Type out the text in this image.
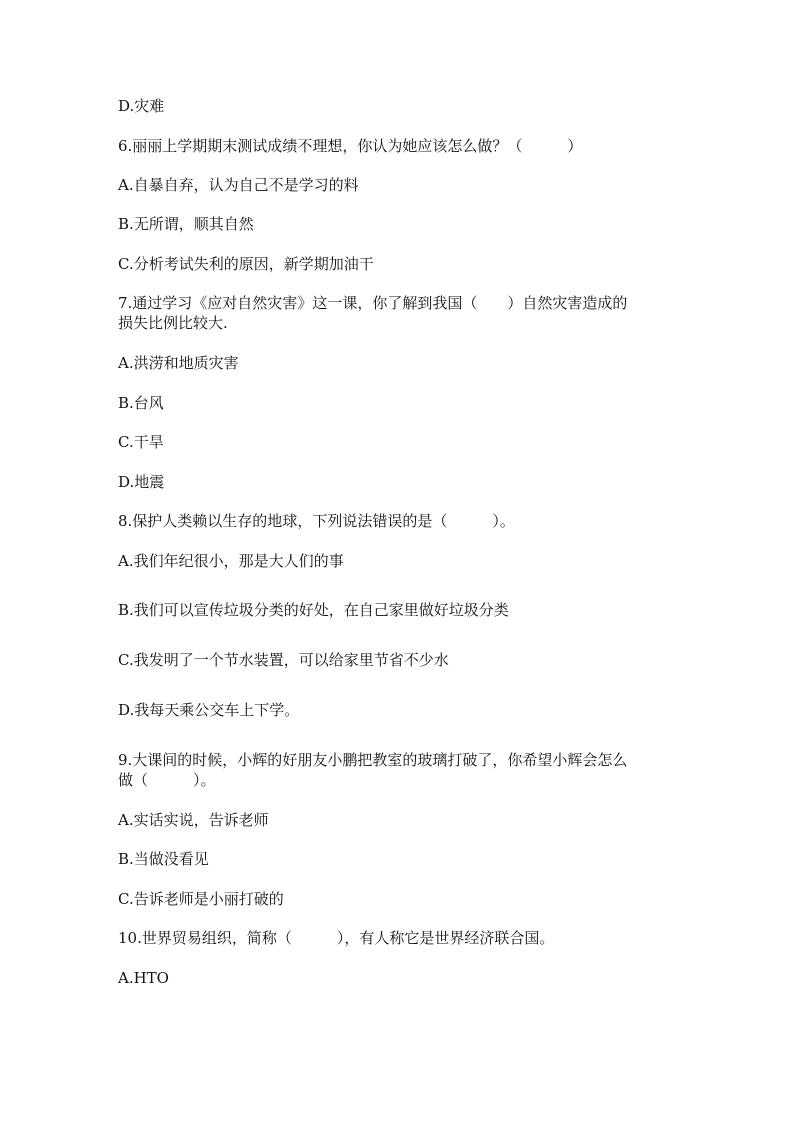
D.灾难
6.丽丽上学期期末测试成绩不理想，你认为她应该怎么做？（　　　）
A.自暴自弃，认为自己不是学习的料
B.无所谓，顺其自然
C.分析考试失利的原因，新学期加油干
7.通过学习《应对自然灾害》这一课，你了解到我国（　　）自然灾害造成的
损失比例比较大.
A.洪涝和地质灾害
B.台风
C.干旱
D.地震
8.保护人类赖以生存的地球，下列说法错误的是（　　　）。
A.我们年纪很小，那是大人们的事
B.我们可以宣传垃圾分类的好处，在自己家里做好垃圾分类
C.我发明了一个节水装置，可以给家里节省不少水
D.我每天乘公交车上下学。
9.大课间的时候，小辉的好朋友小鹏把教室的玻璃打破了，你希望小辉会怎么
做（　　　）。
A.实话实说，告诉老师
B.当做没看见
C.告诉老师是小丽打破的
10.世界贸易组织，简称（　　　），有人称它是世界经济联合国。
A.HTO
